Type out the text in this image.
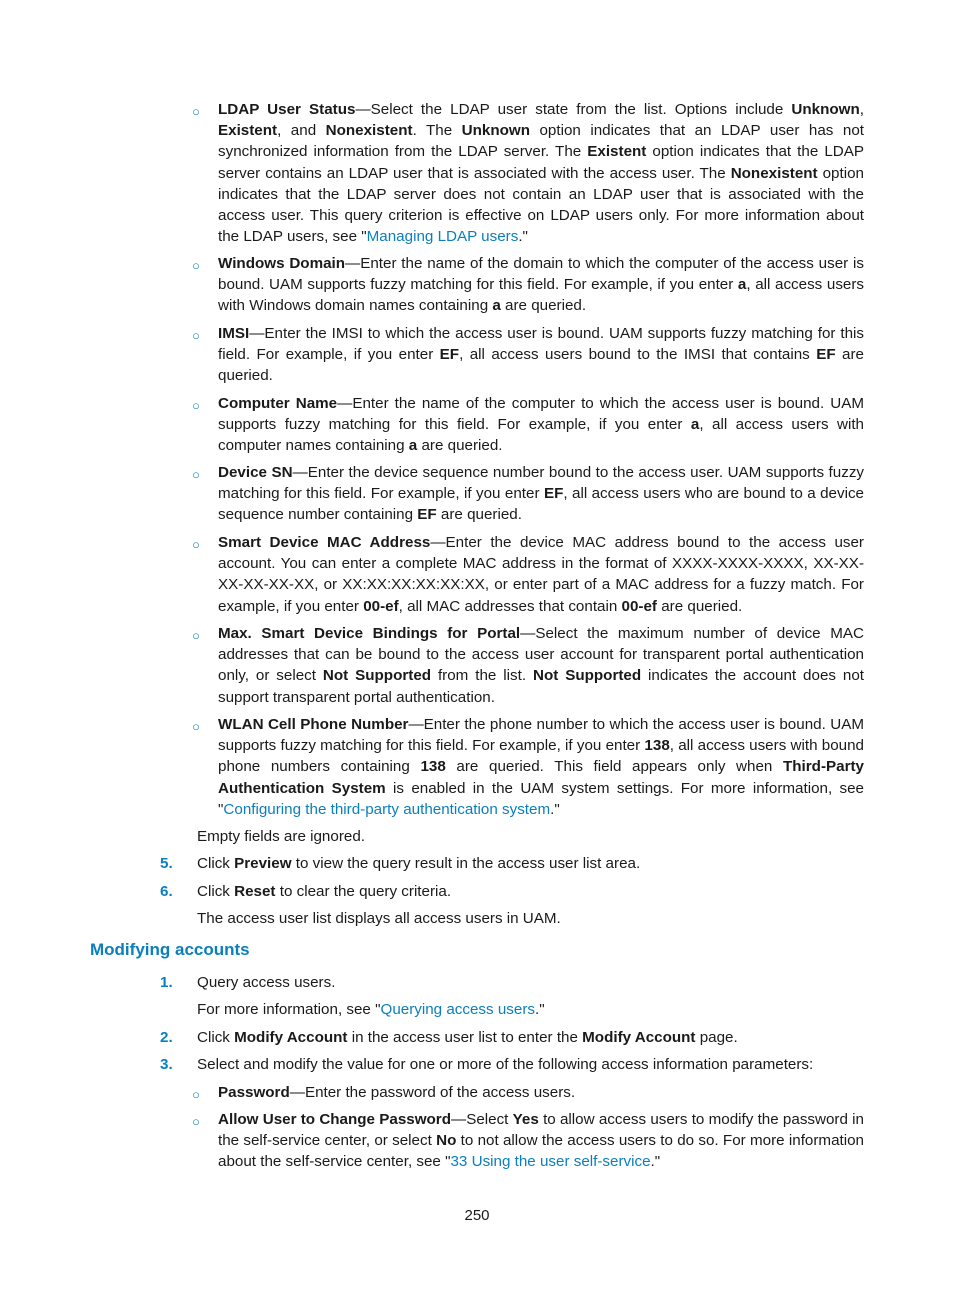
○ LDAP User Status—Select the LDAP user state from the list. Options include Unknown, Existent, and Nonexistent. The Unknown option indicates that an LDAP user has not synchronized information from the LDAP server. The Existent option indicates that the LDAP server contains an LDAP user that is associated with the access user. The Nonexistent option indicates that the LDAP server does not contain an LDAP user that is associated with the access user. This query criterion is effective on LDAP users only. For more information about the LDAP users, see "Managing LDAP users."
○ Windows Domain—Enter the name of the domain to which the computer of the access user is bound. UAM supports fuzzy matching for this field. For example, if you enter a, all access users with Windows domain names containing a are queried.
○ IMSI—Enter the IMSI to which the access user is bound. UAM supports fuzzy matching for this field. For example, if you enter EF, all access users bound to the IMSI that contains EF are queried.
○ Computer Name—Enter the name of the computer to which the access user is bound. UAM supports fuzzy matching for this field. For example, if you enter a, all access users with computer names containing a are queried.
○ Device SN—Enter the device sequence number bound to the access user. UAM supports fuzzy matching for this field. For example, if you enter EF, all access users who are bound to a device sequence number containing EF are queried.
○ Smart Device MAC Address—Enter the device MAC address bound to the access user account. You can enter a complete MAC address in the format of XXXX-XXXX-XXXX, XX-XX-XX-XX-XX-XX, or XX:XX:XX:XX:XX:XX, or enter part of a MAC address for a fuzzy match. For example, if you enter 00-ef, all MAC addresses that contain 00-ef are queried.
○ Max. Smart Device Bindings for Portal—Select the maximum number of device MAC addresses that can be bound to the access user account for transparent portal authentication only, or select Not Supported from the list. Not Supported indicates the account does not support transparent portal authentication.
○ WLAN Cell Phone Number—Enter the phone number to which the access user is bound. UAM supports fuzzy matching for this field. For example, if you enter 138, all access users with bound phone numbers containing 138 are queried. This field appears only when Third-Party Authentication System is enabled in the UAM system settings. For more information, see "Configuring the third-party authentication system."
Empty fields are ignored.
5. Click Preview to view the query result in the access user list area.
6. Click Reset to clear the query criteria.
The access user list displays all access users in UAM.
Modifying accounts
1. Query access users.
For more information, see "Querying access users."
2. Click Modify Account in the access user list to enter the Modify Account page.
3. Select and modify the value for one or more of the following access information parameters:
○ Password—Enter the password of the access users.
○ Allow User to Change Password—Select Yes to allow access users to modify the password in the self-service center, or select No to not allow the access users to do so. For more information about the self-service center, see "33 Using the user self-service."
250
